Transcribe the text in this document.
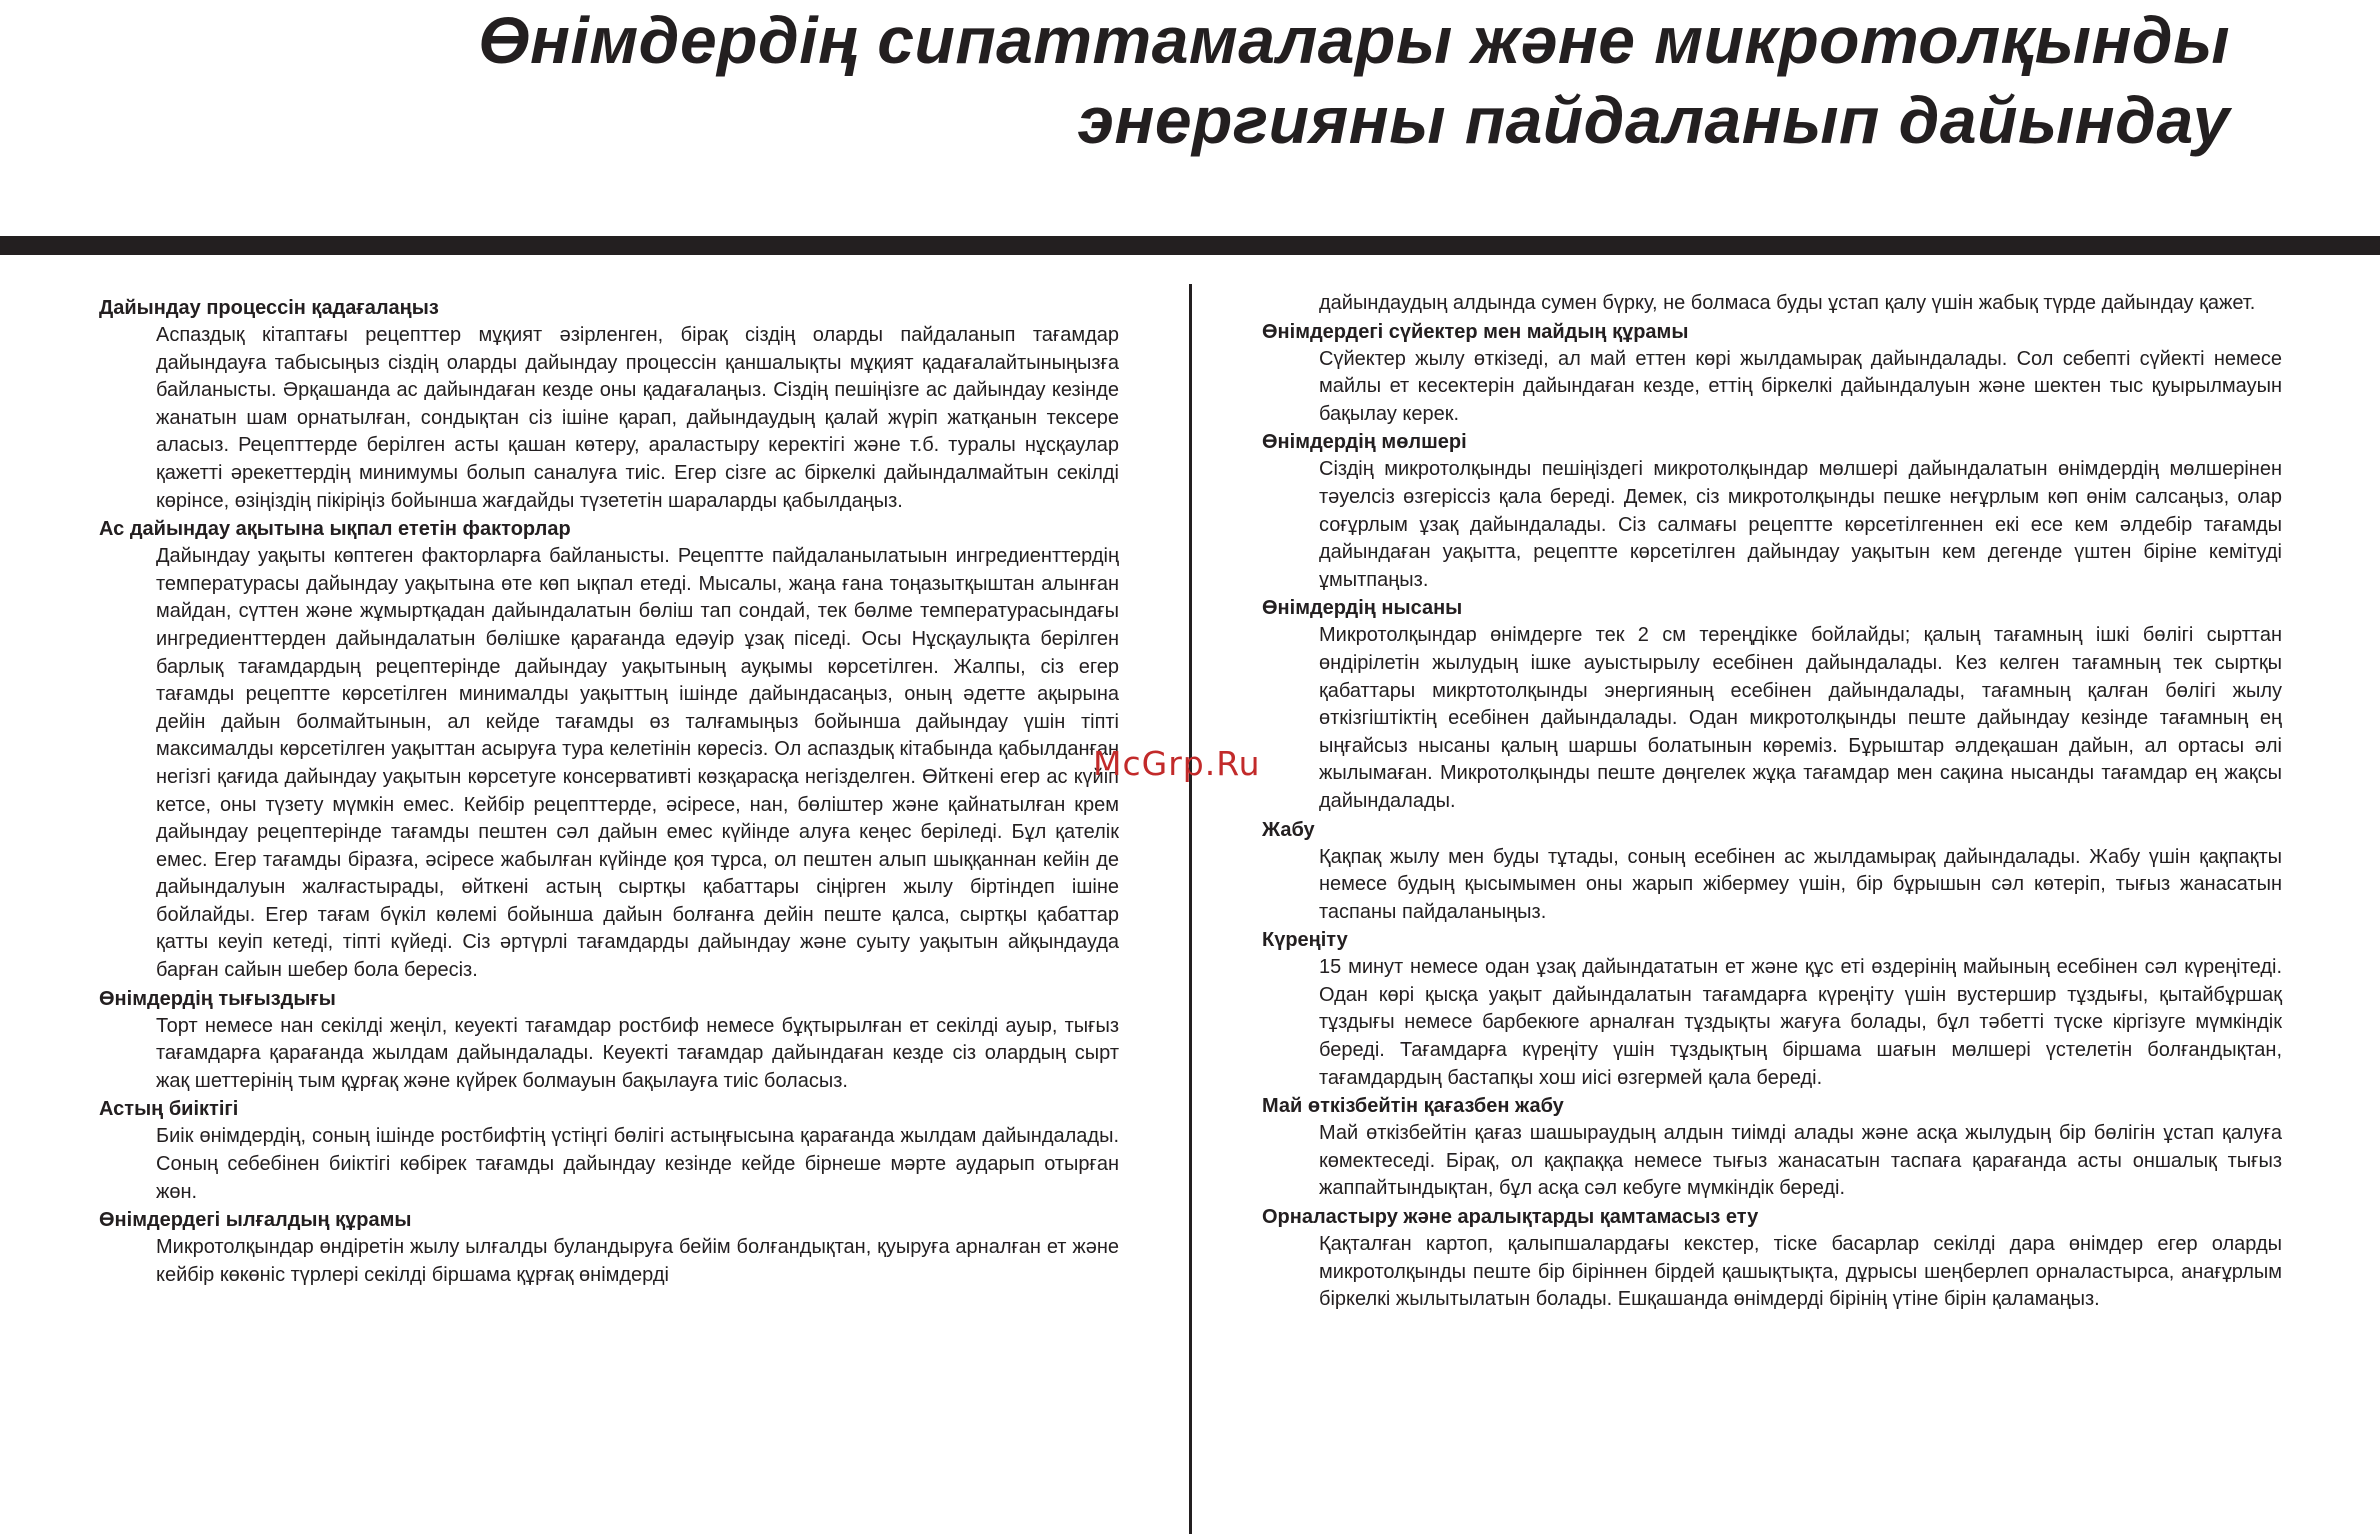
Өнімдердің сипаттамалары және микротолқынды
энергияны пайдаланып дайындау
Дайындау процессін қадағалаңыз
Аспаздық кітаптағы рецепттер мұқият әзірленген, бірақ сіздің оларды пайдаланып тағамдар дайындауға табысыңыз сіздің оларды дайындау процессін қаншалықты мұқият қадағалайтыныңызға байланысты. Әрқашанда ас дайындаған кезде оны қадағалаңыз. Сіздің пешіңізге ас дайындау кезінде жанатын шам орнатылған, сондықтан сіз ішіне қарап, дайындаудың қалай жүріп жатқанын тексере аласыз. Рецепттерде берілген асты қашан көтеру, араластыру керектігі және т.б. туралы нұсқаулар қажетті әрекеттердің минимумы болып саналуға тиіс. Егер сізге ас біркелкі дайындалмайтын секілді көрінсе, өзіңіздің пікіріңіз бойынша жағдайды түзететін шараларды қабылдаңыз.
Ас дайындау ақытына ықпал ететін факторлар
Дайындау уақыты көптеген факторларға байланысты. Рецептте пайдаланылатыын ингредиенттердің температурасы дайындау уақытына өте көп ықпал етеді. Мысалы, жаңа ғана тоңазытқыштан алынған майдан, сүттен және жұмыртқадан дайындалатын бөліш тап сондай, тек бөлме температурасындағы ингредиенттерден дайындалатын бөлішке қарағанда едәуір ұзақ піседі. Осы Нұсқаулықта берілген барлық тағамдардың рецептерінде дайындау уақытының ауқымы көрсетілген. Жалпы, сіз егер тағамды рецептте көрсетілген минималды уақыттың ішінде дайындасаңыз, оның әдетте ақырына дейін дайын болмайтынын, ал кейде тағамды өз талғамыңыз бойынша дайындау үшін тіпті максималды көрсетілген уақыттан асыруға тура келетінін көресіз. Ол аспаздық кітабында қабылданған негізгі қағида дайындау уақытын көрсетуге консервативті көзқарасқа негізделген. Өйткені егер ас күйіп кетсе, оны түзету мүмкін емес. Кейбір рецепттерде, әсіресе, нан, бөліштер және қайнатылған крем дайындау рецептерінде тағамды пештен сәл дайын емес күйінде алуға кеңес беріледі. Бұл қателік емес. Егер тағамды біразға, әсіресе жабылған күйінде қоя тұрса, ол пештен алып шыққаннан кейін де дайындалуын жалғастырады, өйткені астың сыртқы қабаттары сіңірген жылу біртіндеп ішіне бойлайды. Егер тағам бүкіл көлемі бойынша дайын болғанға дейін пеште қалса, сыртқы қабаттар қатты кеуіп кетеді, тіпті күйеді. Сіз әртүрлі тағамдарды дайындау және суыту уақытын айқындауда барған сайын шебер бола бересіз.
Өнімдердің тығыздығы
Торт немесе нан секілді жеңіл, кеуекті тағамдар ростбиф немесе бұқтырылған ет секілді ауыр, тығыз тағамдарға қарағанда жылдам дайындалады. Кеуекті тағамдар дайындаған кезде сіз олардың сырт жақ шеттерінің тым құрғақ және күйрек болмауын бақылауға тиіс боласыз.
Астың биіктігі
Биік өнімдердің, соның ішінде ростбифтің үстіңгі бөлігі астыңғысына қарағанда жылдам дайындалады. Соның себебінен биіктігі көбірек тағамды дайындау кезінде кейде бірнеше мәрте аударып отырған жөн.
Өнімдердегі ылғалдың құрамы
Микротолқындар өндіретін жылу ылғалды буландыруға бейім болғандықтан, қуыруға арналған ет және кейбір көкөніс түрлері секілді біршама құрғақ өнімдерді
дайындаудың алдында сумен бүрку, не болмаса буды ұстап қалу үшін жабық түрде дайындау қажет.
Өнімдердегі сүйектер мен майдың құрамы
Сүйектер жылу өткізеді, ал май еттен көрі жылдамырақ дайындалады. Сол себепті сүйекті немесе майлы ет кесектерін дайындаған кезде, еттің біркелкі дайындалуын және шектен тыс қуырылмауын бақылау керек.
Өнімдердің мөлшері
Сіздің микротолқынды пешіңіздегі микротолқындар мөлшері дайындалатын өнімдердің мөлшерінен тәуелсіз өзгеріссіз қала береді. Демек, сіз микротолқынды пешке неғұрлым көп өнім салсаңыз, олар соғұрлым ұзақ дайындалады. Сіз салмағы рецептте көрсетілгеннен екі есе кем әлдебір тағамды дайындаған уақытта, рецептте көрсетілген дайындау уақытын кем дегенде үштен біріне кемітуді ұмытпаңыз.
Өнімдердің нысаны
Микротолқындар өнімдерге тек 2 см тереңдікке бойлайды; қалың тағамның ішкі бөлігі сырттан өндірілетін жылудың ішке ауыстырылу есебінен дайындалады. Кез келген тағамның тек сыртқы қабаттары микртотолқынды энергияның есебінен дайындалады, тағамның қалған бөлігі жылу өткізгіштіктің есебінен дайындалады. Одан микротолқынды пеште дайындау кезінде тағамның ең ыңғайсыз нысаны қалың шаршы болатынын көреміз. Бұрыштар әлдеқашан дайын, ал ортасы әлі жылымаған. Микротолқынды пеште дөңгелек жұқа тағамдар мен сақина нысанды тағамдар ең жақсы дайындалады.
Жабу
Қақпақ жылу мен буды тұтады, соның есебінен ас жылдамырақ дайындалады. Жабу үшін қақпақты немесе будың қысымымен оны жарып жібермеу үшін, бір бұрышын сәл көтеріп, тығыз жанасатын таспаны пайдаланыңыз.
Күреңіту
15 минут немесе одан ұзақ дайындататын ет және құс еті өздерінің майының есебінен сәл күреңітеді. Одан көрі қысқа уақыт дайындалатын тағамдарға күреңіту үшін вустершир тұздығы, қытайбұршақ тұздығы немесе барбекюге арналған тұздықты жағуға болады, бұл тәбетті түске кіргізуге мүмкіндік береді. Тағамдарға күреңіту үшін тұздықтың біршама шағын мөлшері үстелетін болғандықтан, тағамдардың бастапқы хош иісі өзгермей қала береді.
Май өткізбейтін қағазбен жабу
Май өткізбейтін қағаз шашыраудың алдын тиімді алады және асқа жылудың бір бөлігін ұстап қалуға көмектеседі. Бірақ, ол қақпаққа немесе тығыз жанасатын таспаға қарағанда асты оншалық тығыз жаппайтындықтан, бұл асқа сәл кебуге мүмкіндік береді.
Орналастыру және аралықтарды қамтамасыз ету
Қақталған картоп, қалыпшалардағы кекстер, тіске басарлар секілді дара өнімдер егер оларды микротолқынды пеште бір біріннен бірдей қашықтықта, дұрысы шеңберлеп орналастырса, анағұрлым біркелкі жылытылатын болады. Ешқашанда өнімдерді бірінің үтіне бірін қаламаңыз.
McGrp.Ru
